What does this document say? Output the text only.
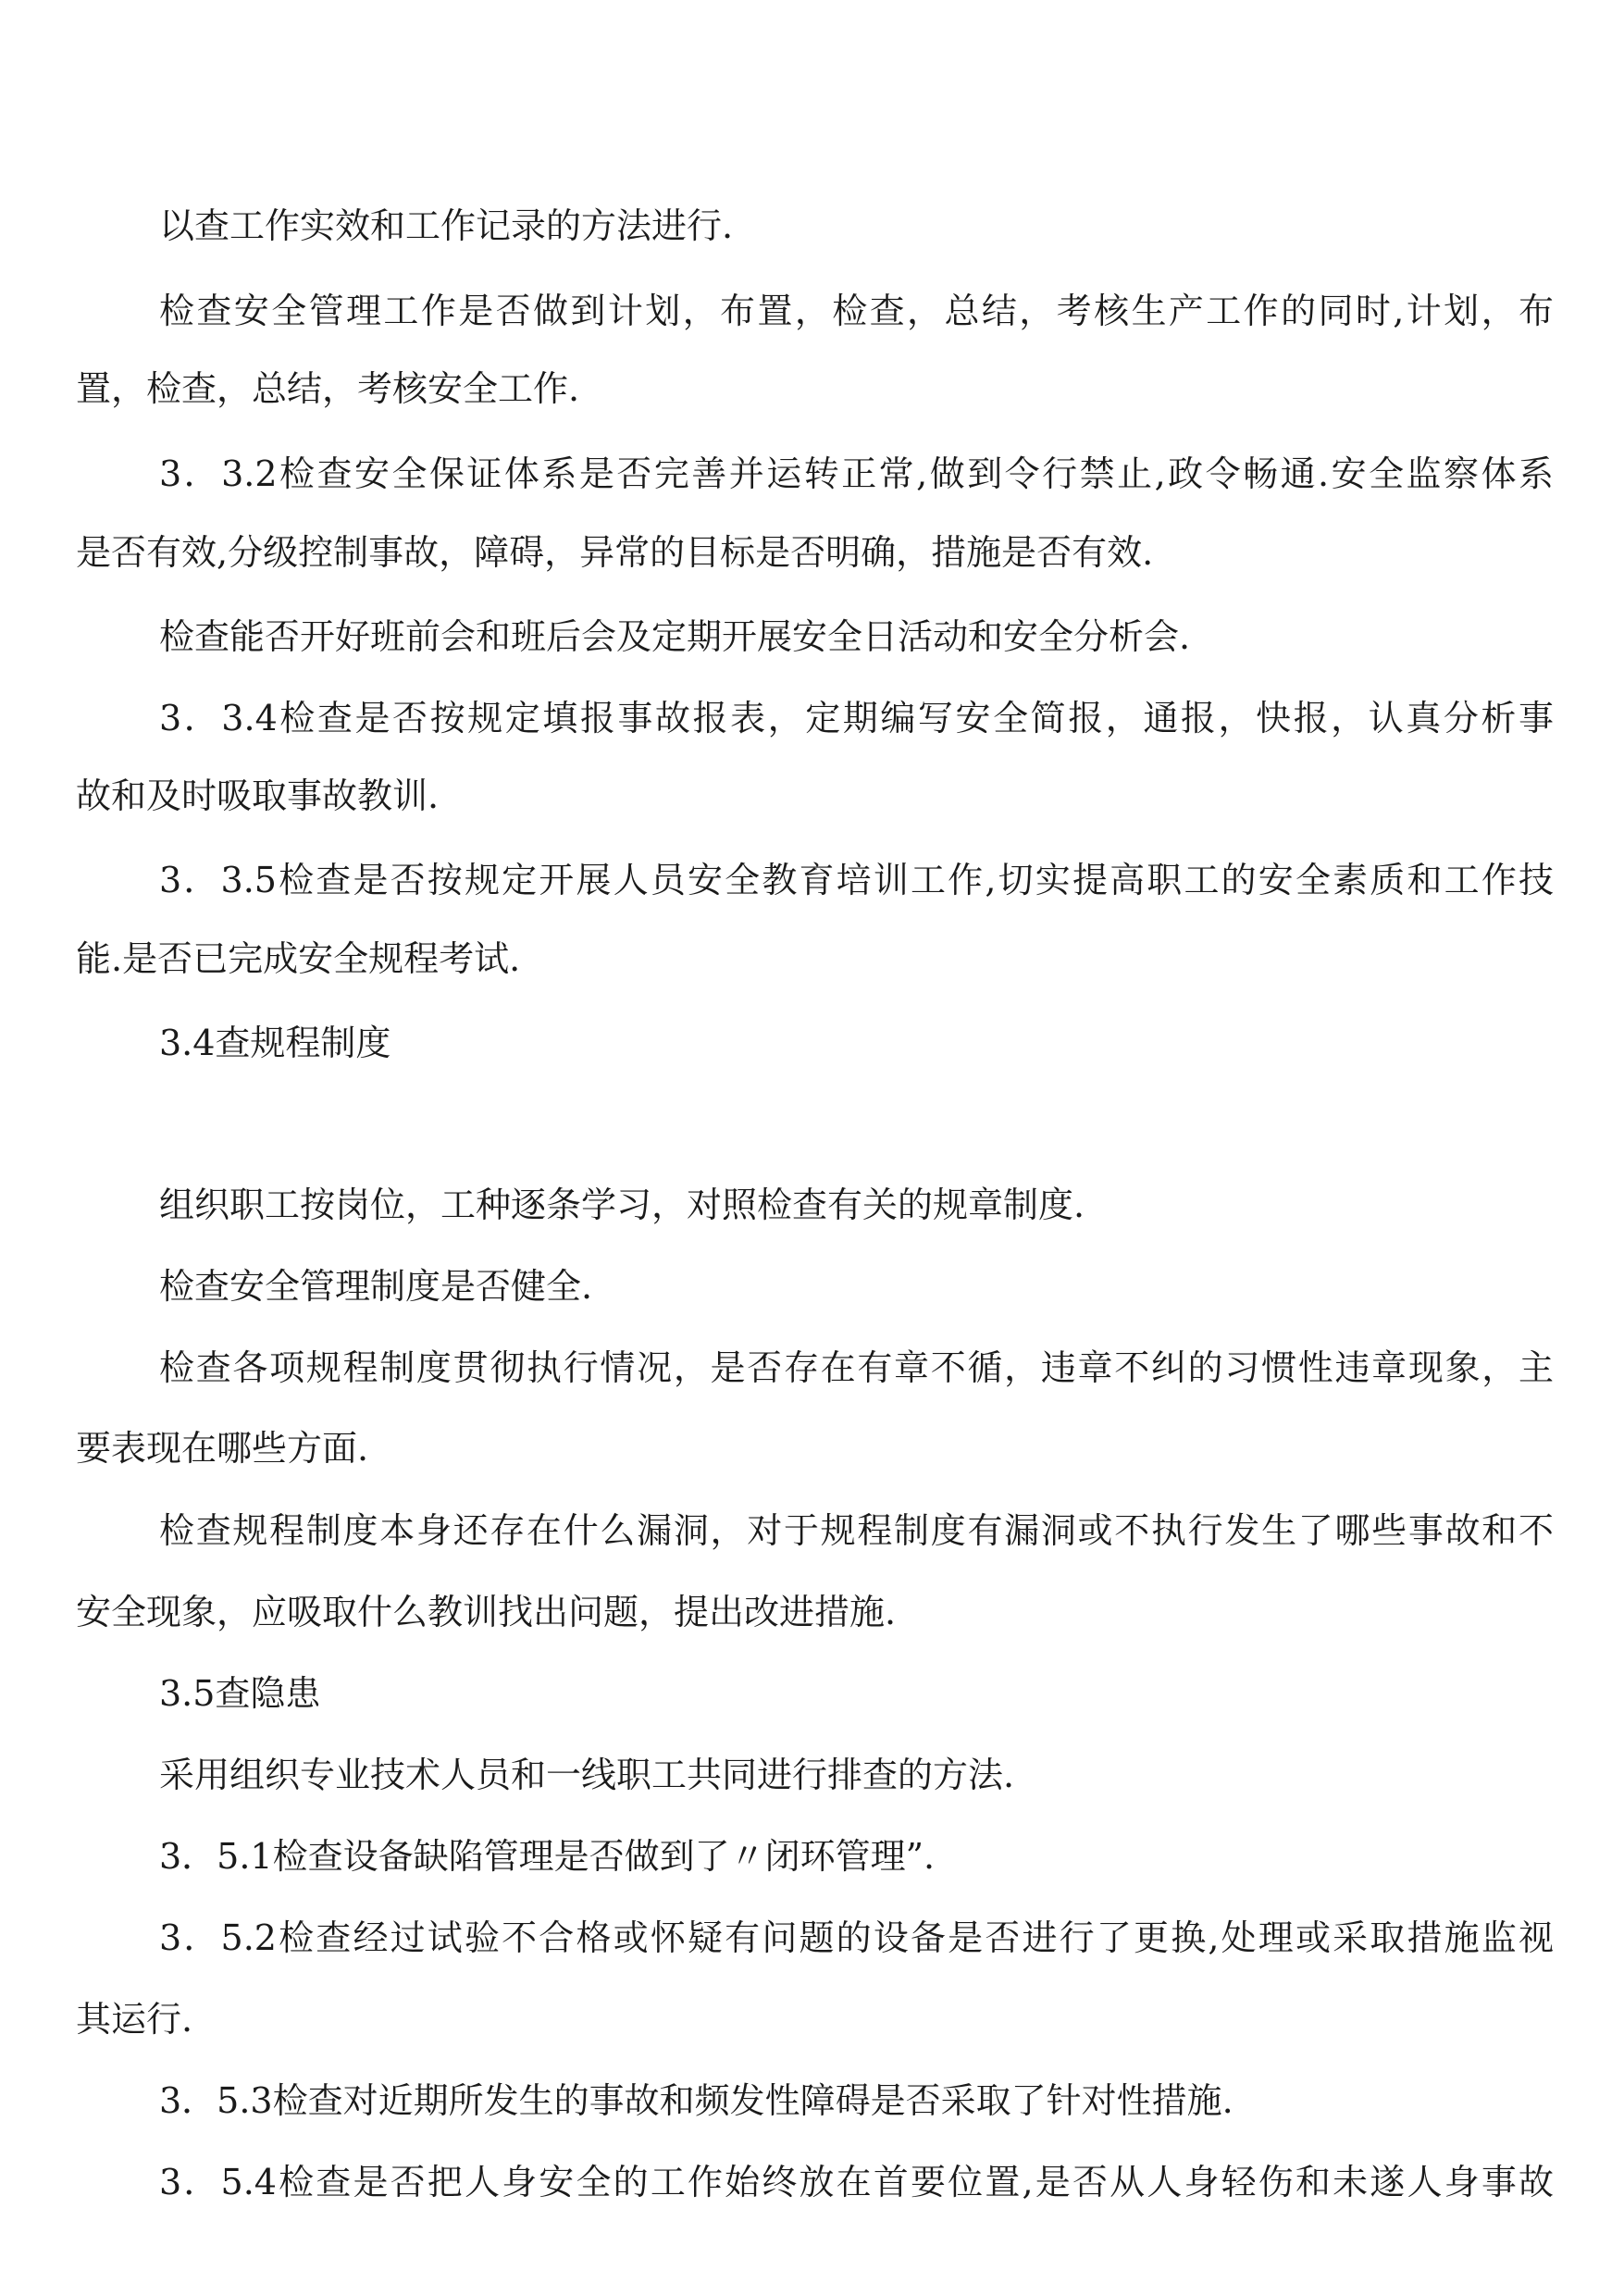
以查工作实效和工作记录的方法进行.

检查安全管理工作是否做到计划，布置，检查，总结，考核生产工作的同时,计划，布

置，检查，总结，考核安全工作.

3．3.2检查安全保证体系是否完善并运转正常,做到令行禁止,政令畅通.安全监察体系

是否有效,分级控制事故，障碍，异常的目标是否明确，措施是否有效.

检查能否开好班前会和班后会及定期开展安全日活动和安全分析会.

3．3.4检查是否按规定填报事故报表，定期编写安全简报，通报，快报，认真分析事

故和及时吸取事故教训.

3．3.5检查是否按规定开展人员安全教育培训工作,切实提高职工的安全素质和工作技

能.是否已完成安全规程考试.

3.4查规程制度

组织职工按岗位，工种逐条学习，对照检查有关的规章制度.

检查安全管理制度是否健全.

检查各项规程制度贯彻执行情况，是否存在有章不循，违章不纠的习惯性违章现象，主

要表现在哪些方面.

检查规程制度本身还存在什么漏洞，对于规程制度有漏洞或不执行发生了哪些事故和不

安全现象，应吸取什么教训找出问题，提出改进措施.

3.5查隐患

采用组织专业技术人员和一线职工共同进行排查的方法.

3．5.1检查设备缺陷管理是否做到了〃闭环管理”.

3．5.2检查经过试验不合格或怀疑有问题的设备是否进行了更换,处理或采取措施监视

其运行.

3．5.3检查对近期所发生的事故和频发性障碍是否采取了针对性措施.

3．5.4检查是否把人身安全的工作始终放在首要位置,是否从人身轻伤和未遂人身事故
